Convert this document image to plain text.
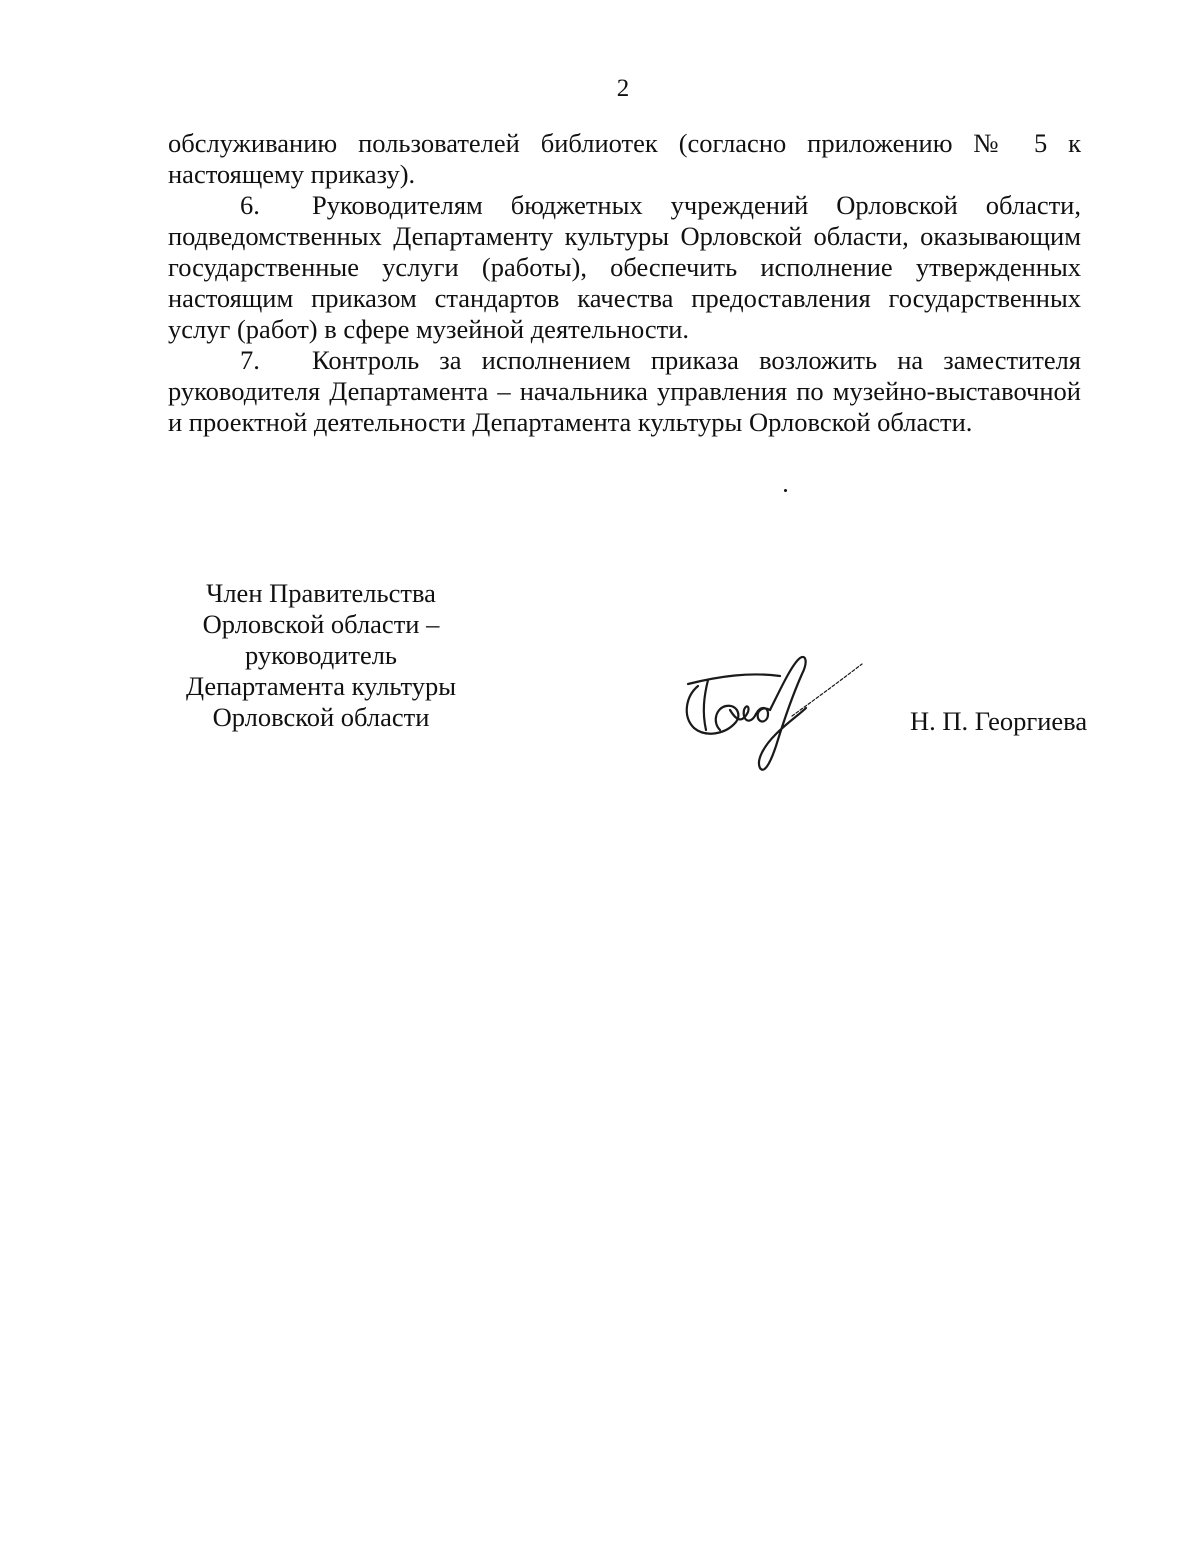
2

обслуживанию пользователей библиотек (согласно приложению № 5 к настоящему приказу).

6. Руководителям бюджетных учреждений Орловской области, подведомственных Департаменту культуры Орловской области, оказывающим государственные услуги (работы), обеспечить исполнение утвержденных настоящим приказом стандартов качества предоставления государственных услуг (работ) в сфере музейной деятельности.

7. Контроль за исполнением приказа возложить на заместителя руководителя Департамента – начальника управления по музейно-выставочной и проектной деятельности Департамента культуры Орловской области.

Член Правительства
Орловской области –
руководитель
Департамента культуры
Орловской области	Н. П. Георгиева
